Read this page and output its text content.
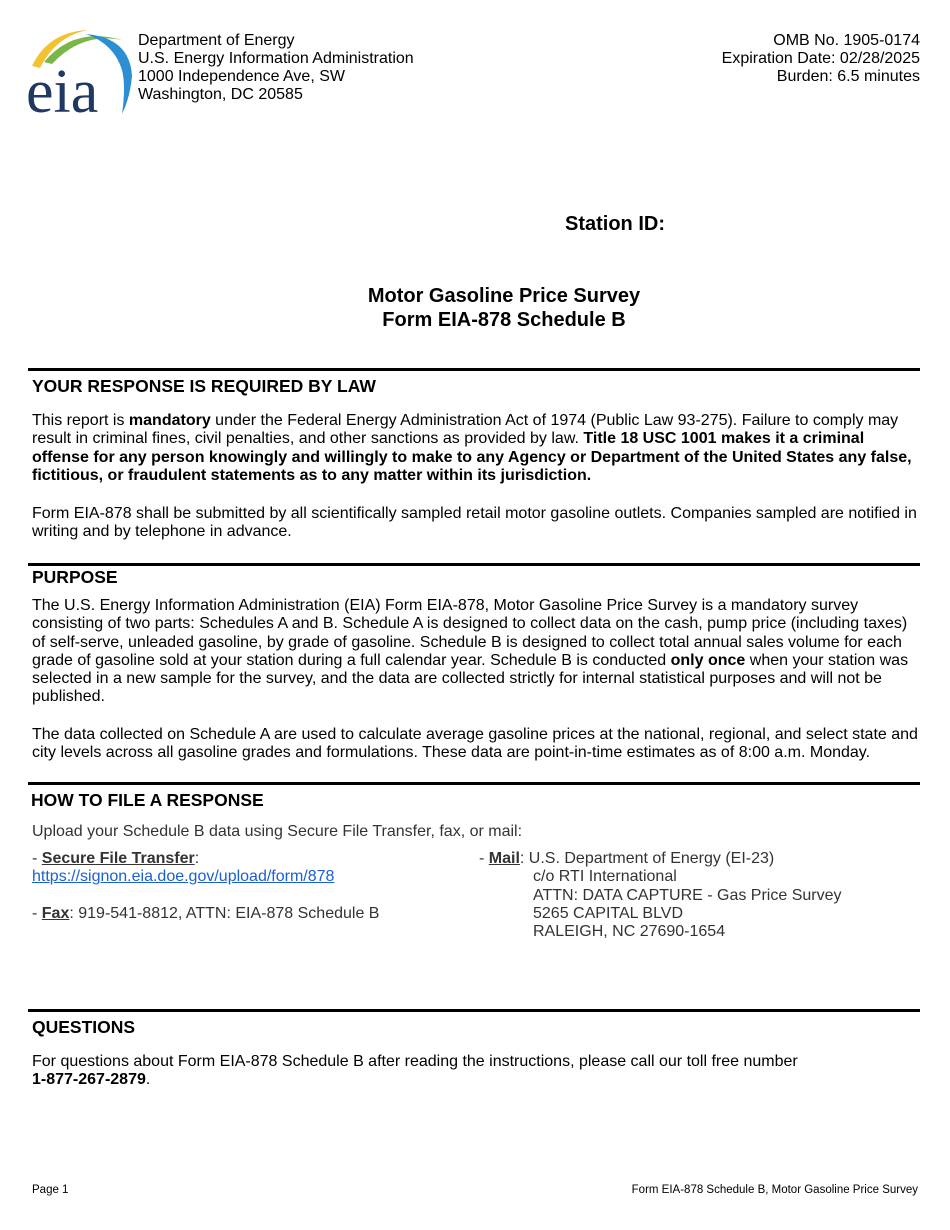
eia
Department of Energy
U.S. Energy Information Administration
1000 Independence Ave, SW
Washington, DC 20585
OMB No. 1905-0174
Expiration Date: 02/28/2025
Burden: 6.5 minutes
Station ID:
Motor Gasoline Price Survey
Form EIA-878 Schedule B
YOUR RESPONSE IS REQUIRED BY LAW
This report is mandatory under the Federal Energy Administration Act of 1974 (Public Law 93-275). Failure to comply may result in criminal fines, civil penalties, and other sanctions as provided by law. Title 18 USC 1001 makes it a criminal offense for any person knowingly and willingly to make to any Agency or Department of the United States any false, fictitious, or fraudulent statements as to any matter within its jurisdiction.
Form EIA-878 shall be submitted by all scientifically sampled retail motor gasoline outlets. Companies sampled are notified in writing and by telephone in advance.
PURPOSE
The U.S. Energy Information Administration (EIA) Form EIA-878, Motor Gasoline Price Survey is a mandatory survey consisting of two parts: Schedules A and B. Schedule A is designed to collect data on the cash, pump price (including taxes) of self-serve, unleaded gasoline, by grade of gasoline. Schedule B is designed to collect total annual sales volume for each grade of gasoline sold at your station during a full calendar year. Schedule B is conducted only once when your station was selected in a new sample for the survey, and the data are collected strictly for internal statistical purposes and will not be published.
The data collected on Schedule A are used to calculate average gasoline prices at the national, regional, and select state and city levels across all gasoline grades and formulations. These data are point-in-time estimates as of 8:00 a.m. Monday.
HOW TO FILE A RESPONSE
Upload your Schedule B data using Secure File Transfer, fax, or mail:
- Secure File Transfer: https://signon.eia.doe.gov/upload/form/878
- Fax: 919-541-8812, ATTN: EIA-878 Schedule B
- Mail: U.S. Department of Energy (EI-23)
c/o RTI International
ATTN: DATA CAPTURE - Gas Price Survey
5265 CAPITAL BLVD
RALEIGH, NC 27690-1654
QUESTIONS
For questions about Form EIA-878 Schedule B after reading the instructions, please call our toll free number 1-877-267-2879.
Page 1	Form EIA-878 Schedule B, Motor Gasoline Price Survey
